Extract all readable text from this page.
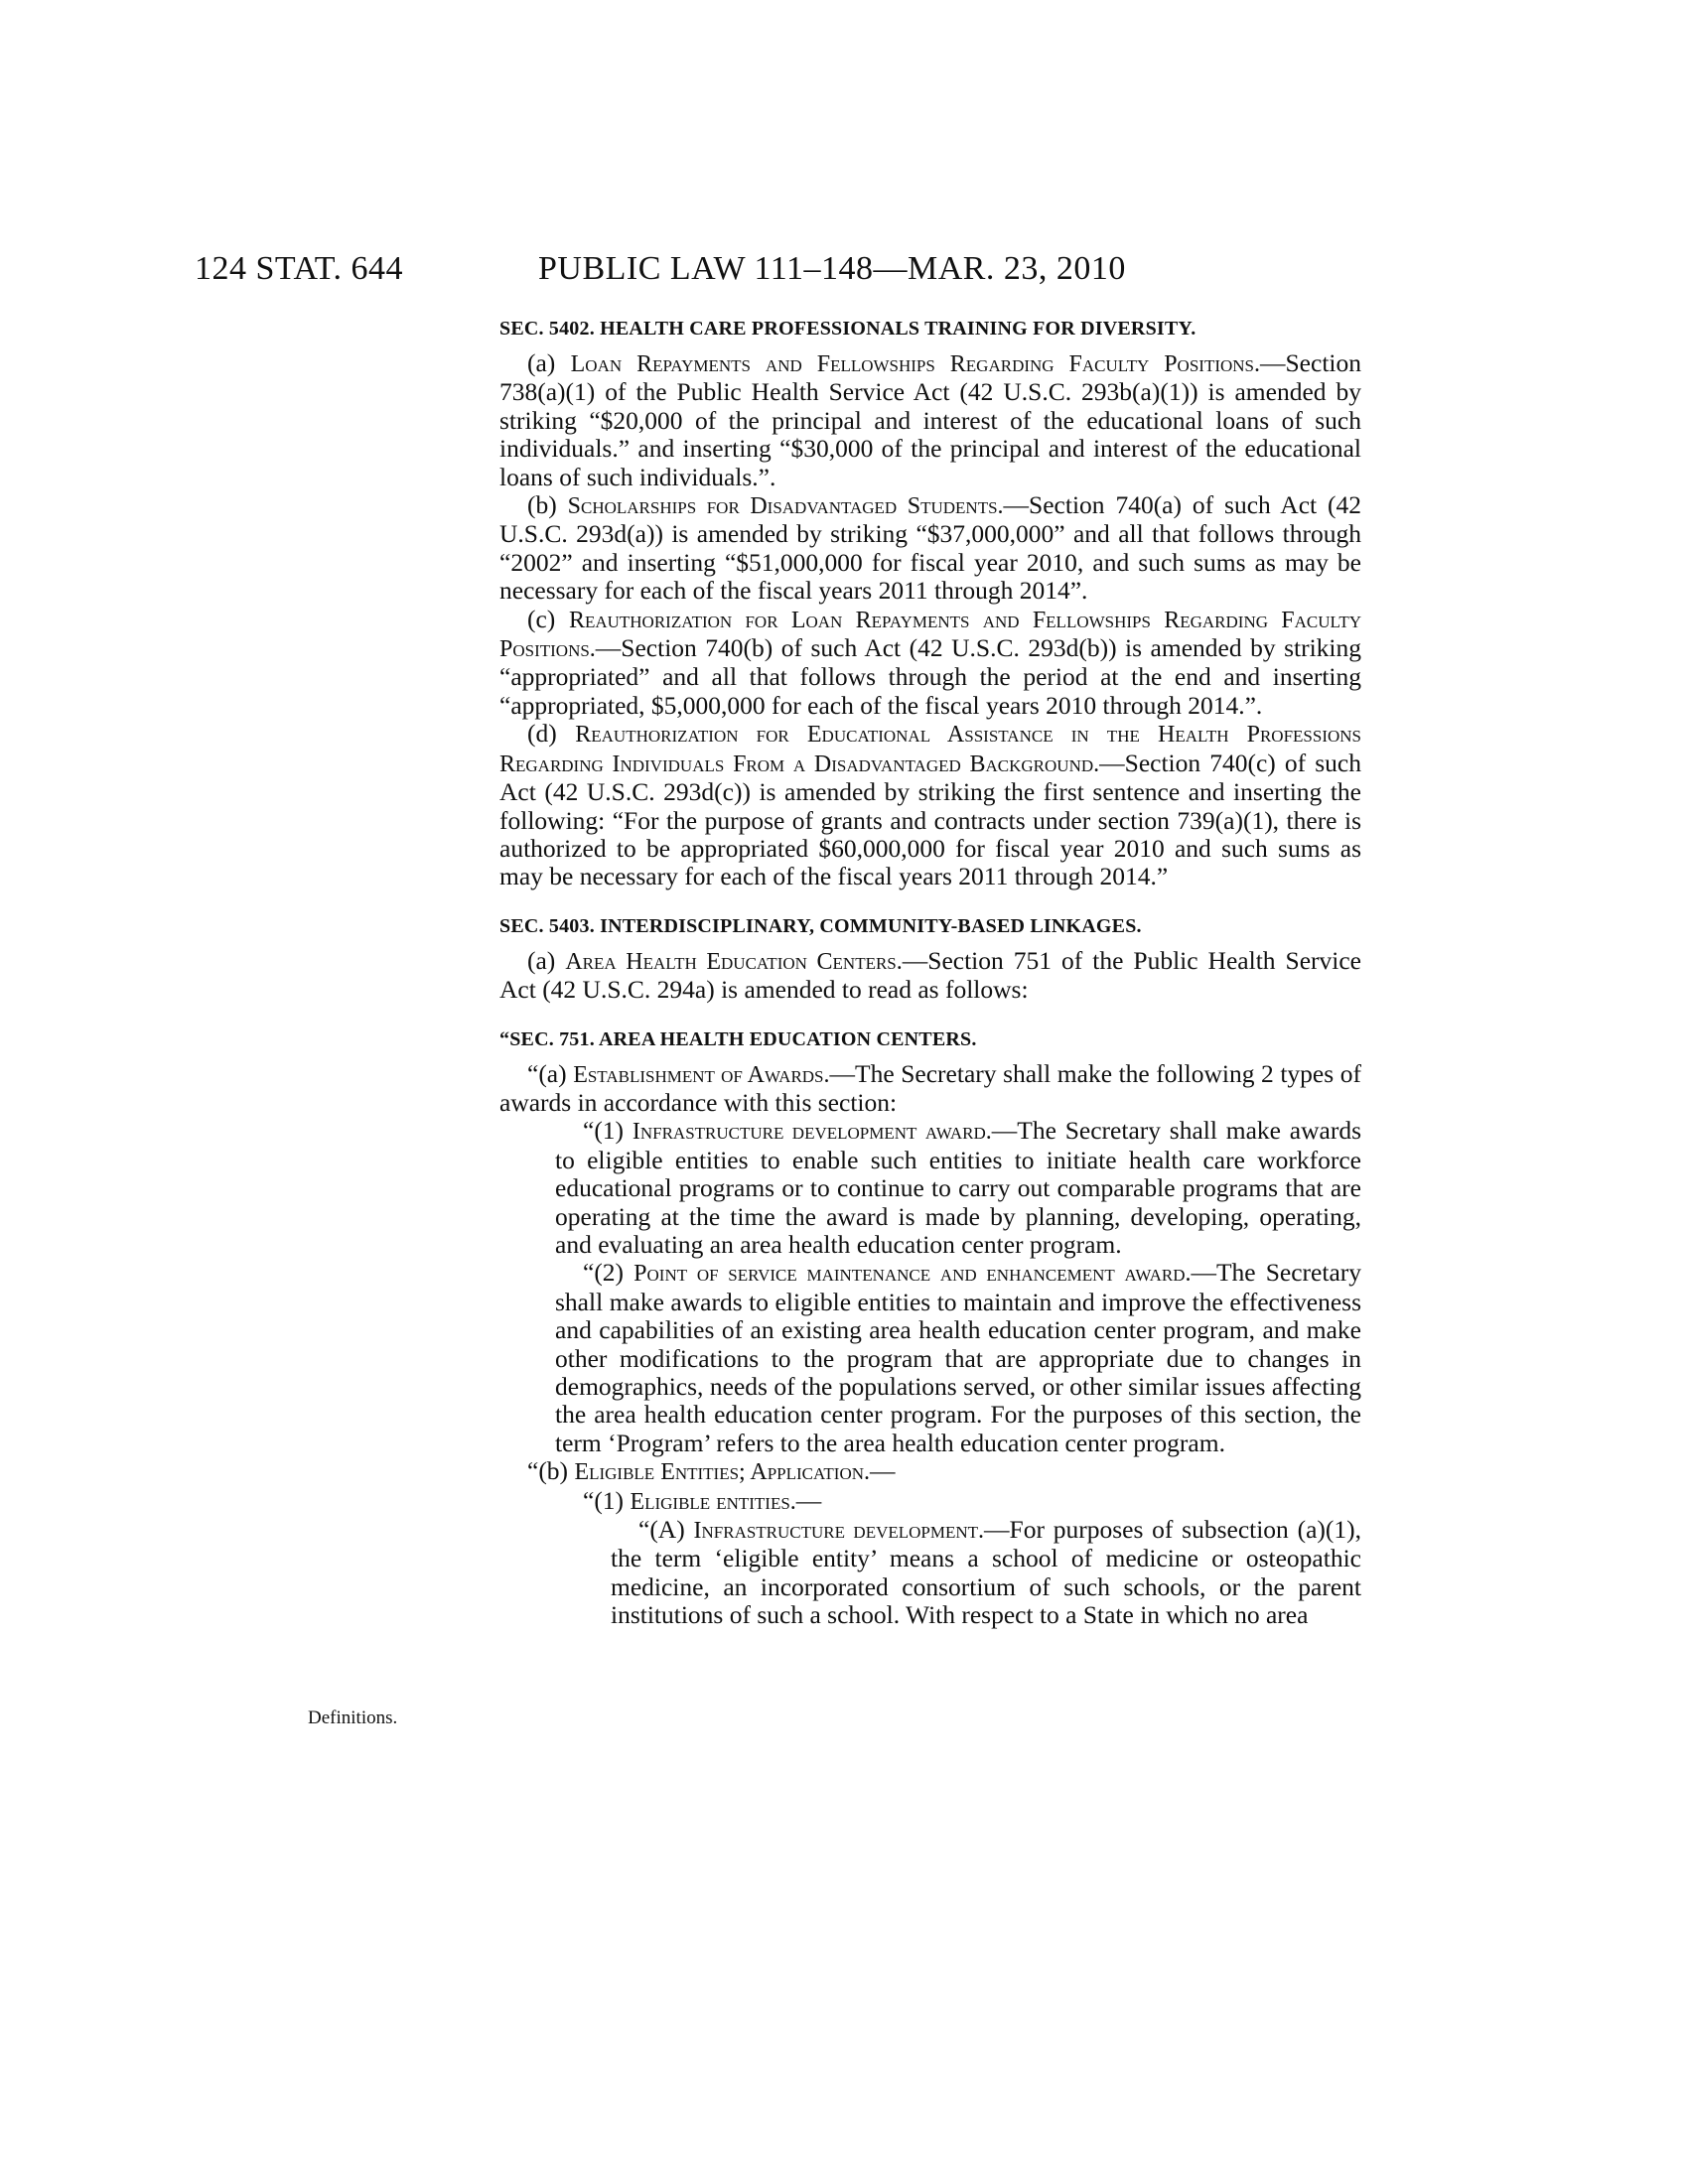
124 STAT. 644	PUBLIC LAW 111–148—MAR. 23, 2010
Definitions.
SEC. 5402. HEALTH CARE PROFESSIONALS TRAINING FOR DIVERSITY.

(a) Loan Repayments and Fellowships Regarding Faculty Positions.—Section 738(a)(1) of the Public Health Service Act (42 U.S.C. 293b(a)(1)) is amended by striking “$20,000 of the principal and interest of the educational loans of such individuals.” and inserting “$30,000 of the principal and interest of the educational loans of such individuals.”.

(b) Scholarships for Disadvantaged Students.—Section 740(a) of such Act (42 U.S.C. 293d(a)) is amended by striking “$37,000,000” and all that follows through “2002” and inserting “$51,000,000 for fiscal year 2010, and such sums as may be necessary for each of the fiscal years 2011 through 2014”.

(c) Reauthorization for Loan Repayments and Fellowships Regarding Faculty Positions.—Section 740(b) of such Act (42 U.S.C. 293d(b)) is amended by striking “appropriated” and all that follows through the period at the end and inserting “appropriated, $5,000,000 for each of the fiscal years 2010 through 2014.”.

(d) Reauthorization for Educational Assistance in the Health Professions Regarding Individuals From a Disadvantaged Background.—Section 740(c) of such Act (42 U.S.C. 293d(c)) is amended by striking the first sentence and inserting the following: “For the purpose of grants and contracts under section 739(a)(1), there is authorized to be appropriated $60,000,000 for fiscal year 2010 and such sums as may be necessary for each of the fiscal years 2011 through 2014.”

SEC. 5403. INTERDISCIPLINARY, COMMUNITY-BASED LINKAGES.

(a) Area Health Education Centers.—Section 751 of the Public Health Service Act (42 U.S.C. 294a) is amended to read as follows:

“SEC. 751. AREA HEALTH EDUCATION CENTERS.

“(a) Establishment of Awards.—The Secretary shall make the following 2 types of awards in accordance with this section:

“(1) Infrastructure development award.—The Secretary shall make awards to eligible entities to enable such entities to initiate health care workforce educational programs or to continue to carry out comparable programs that are operating at the time the award is made by planning, developing, operating, and evaluating an area health education center program.

“(2) Point of service maintenance and enhancement award.—The Secretary shall make awards to eligible entities to maintain and improve the effectiveness and capabilities of an existing area health education center program, and make other modifications to the program that are appropriate due to changes in demographics, needs of the populations served, or other similar issues affecting the area health education center program. For the purposes of this section, the term ‘Program’ refers to the area health education center program.

“(b) Eligible Entities; Application.—

“(1) Eligible entities.—

“(A) Infrastructure development.—For purposes of subsection (a)(1), the term ‘eligible entity’ means a school of medicine or osteopathic medicine, an incorporated consortium of such schools, or the parent institutions of such a school. With respect to a State in which no area
